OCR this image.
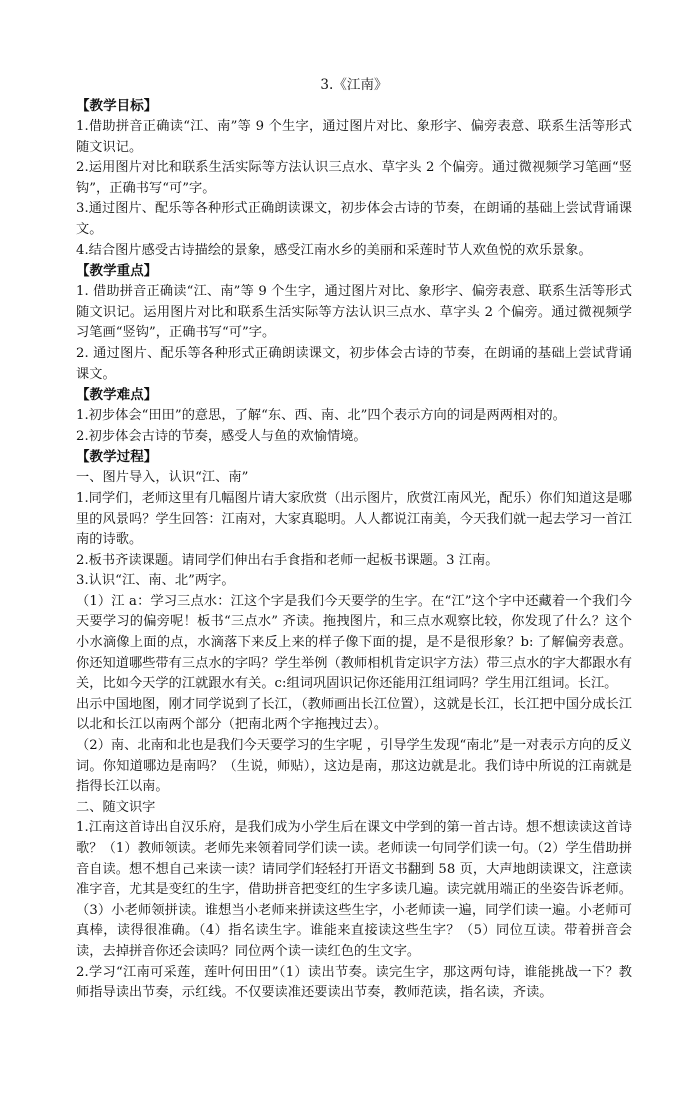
3.《江南》
【教学目标】

1.借助拼音正确读“江、南”等 9 个生字，通过图片对比、象形字、偏旁表意、联系生活等形式随文识记。

2.运用图片对比和联系生活实际等方法认识三点水、草字头 2 个偏旁。通过微视频学习笔画“竖钩”，正确书写“可”字。

3.通过图片、配乐等各种形式正确朗读课文，初步体会古诗的节奏，在朗诵的基础上尝试背诵课文。

4.结合图片感受古诗描绘的景象，感受江南水乡的美丽和采莲时节人欢鱼悦的欢乐景象。

【教学重点】

1. 借助拼音正确读“江、南”等 9 个生字，通过图片对比、象形字、偏旁表意、联系生活等形式随文识记。运用图片对比和联系生活实际等方法认识三点水、草字头 2 个偏旁。通过微视频学习笔画“竖钩”，正确书写“可”字。

2. 通过图片、配乐等各种形式正确朗读课文，初步体会古诗的节奏，在朗诵的基础上尝试背诵课文。

【教学难点】

1.初步体会“田田”的意思，了解“东、西、南、北”四个表示方向的词是两两相对的。

2.初步体会古诗的节奏，感受人与鱼的欢愉情境。

【教学过程】

一、图片导入，认识“江、南”

1.同学们，老师这里有几幅图片请大家欣赏（出示图片，欣赏江南风光，配乐）你们知道这是哪里的风景吗？学生回答：江南对，大家真聪明。人人都说江南美，今天我们就一起去学习一首江南的诗歌。

2.板书齐读课题。请同学们伸出右手食指和老师一起板书课题。3 江南。

3.认识“江、南、北”两字。

（1）江 a：学习三点水：江这个字是我们今天要学的生字。在“江”这个字中还藏着一个我们今天要学习的偏旁呢！板书“三点水” 齐读。拖拽图片，和三点水观察比较，你发现了什么？这个小水滴像上面的点，水滴落下来反上来的样子像下面的提，是不是很形象？b: 了解偏旁表意。你还知道哪些带有三点水的字吗？学生举例（教师相机肯定识字方法）带三点水的字大都跟水有关，比如今天学的江就跟水有关。c:组词巩固识记你还能用江组词吗？学生用江组词。长江。

出示中国地图，刚才同学说到了长江，（教师画出长江位置），这就是长江，长江把中国分成长江以北和长江以南两个部分（把南北两个字拖拽过去）。

（2）南、北南和北也是我们今天要学习的生字呢 ，引导学生发现“南北”是一对表示方向的反义词。你知道哪边是南吗？（生说，师贴），这边是南，那这边就是北。我们诗中所说的江南就是指得长江以南。

二、随文识字

1.江南这首诗出自汉乐府，是我们成为小学生后在课文中学到的第一首古诗。想不想读读这首诗歌？（1）教师领读。老师先来领着同学们读一读。老师读一句同学们读一句。（2）学生借助拼音自读。想不想自己来读一读？请同学们轻轻打开语文书翻到 58 页，大声地朗读课文，注意读准字音，尤其是变红的生字，借助拼音把变红的生字多读几遍。读完就用端正的坐姿告诉老师。（3）小老师领拼读。谁想当小老师来拼读这些生字，小老师读一遍，同学们读一遍。小老师可真棒，读得很准确。（4）指名读生字。谁能来直接读这些生字？（5）同位互读。带着拼音会读，去掉拼音你还会读吗？同位两个读一读红色的生文字。

2.学习“江南可采莲，莲叶何田田”（1）读出节奏。读完生字，那这两句诗，谁能挑战一下？教师指导读出节奏，示红线。不仅要读准还要读出节奏，教师范读，指名读，齐读。
